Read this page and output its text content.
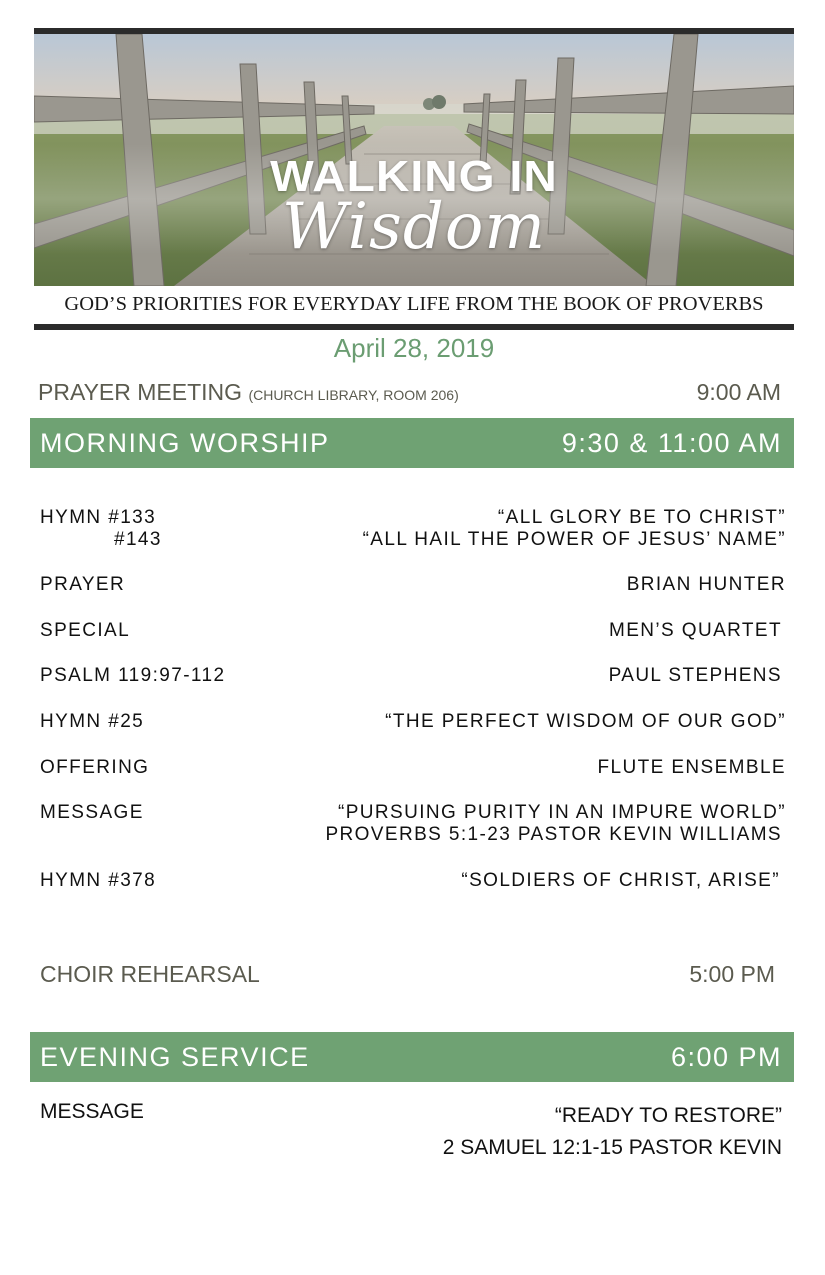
WALKING IN
Wisdom
GOD’S PRIORITIES FOR EVERYDAY LIFE FROM THE BOOK OF PROVERBS
April 28, 2019
PRAYER MEETING (CHURCH LIBRARY, ROOM 206)	9:00 AM
MORNING WORSHIP	9:30 & 11:00 AM
HYMN #133	“ALL GLORY BE TO CHRIST”
#143	“ALL HAIL THE POWER OF JESUS’ NAME”
PRAYER	BRIAN HUNTER
SPECIAL	MEN’S QUARTET
PSALM 119:97-112	PAUL STEPHENS
HYMN #25	“THE PERFECT WISDOM OF OUR GOD”
OFFERING	FLUTE ENSEMBLE
MESSAGE	“PURSUING PURITY IN AN IMPURE WORLD”
PROVERBS 5:1-23 PASTOR KEVIN WILLIAMS
HYMN #378	“SOLDIERS OF CHRIST, ARISE”
CHOIR REHEARSAL	5:00 PM
EVENING SERVICE	6:00 PM
MESSAGE	“READY TO RESTORE”
2 SAMUEL 12:1-15 PASTOR KEVIN
